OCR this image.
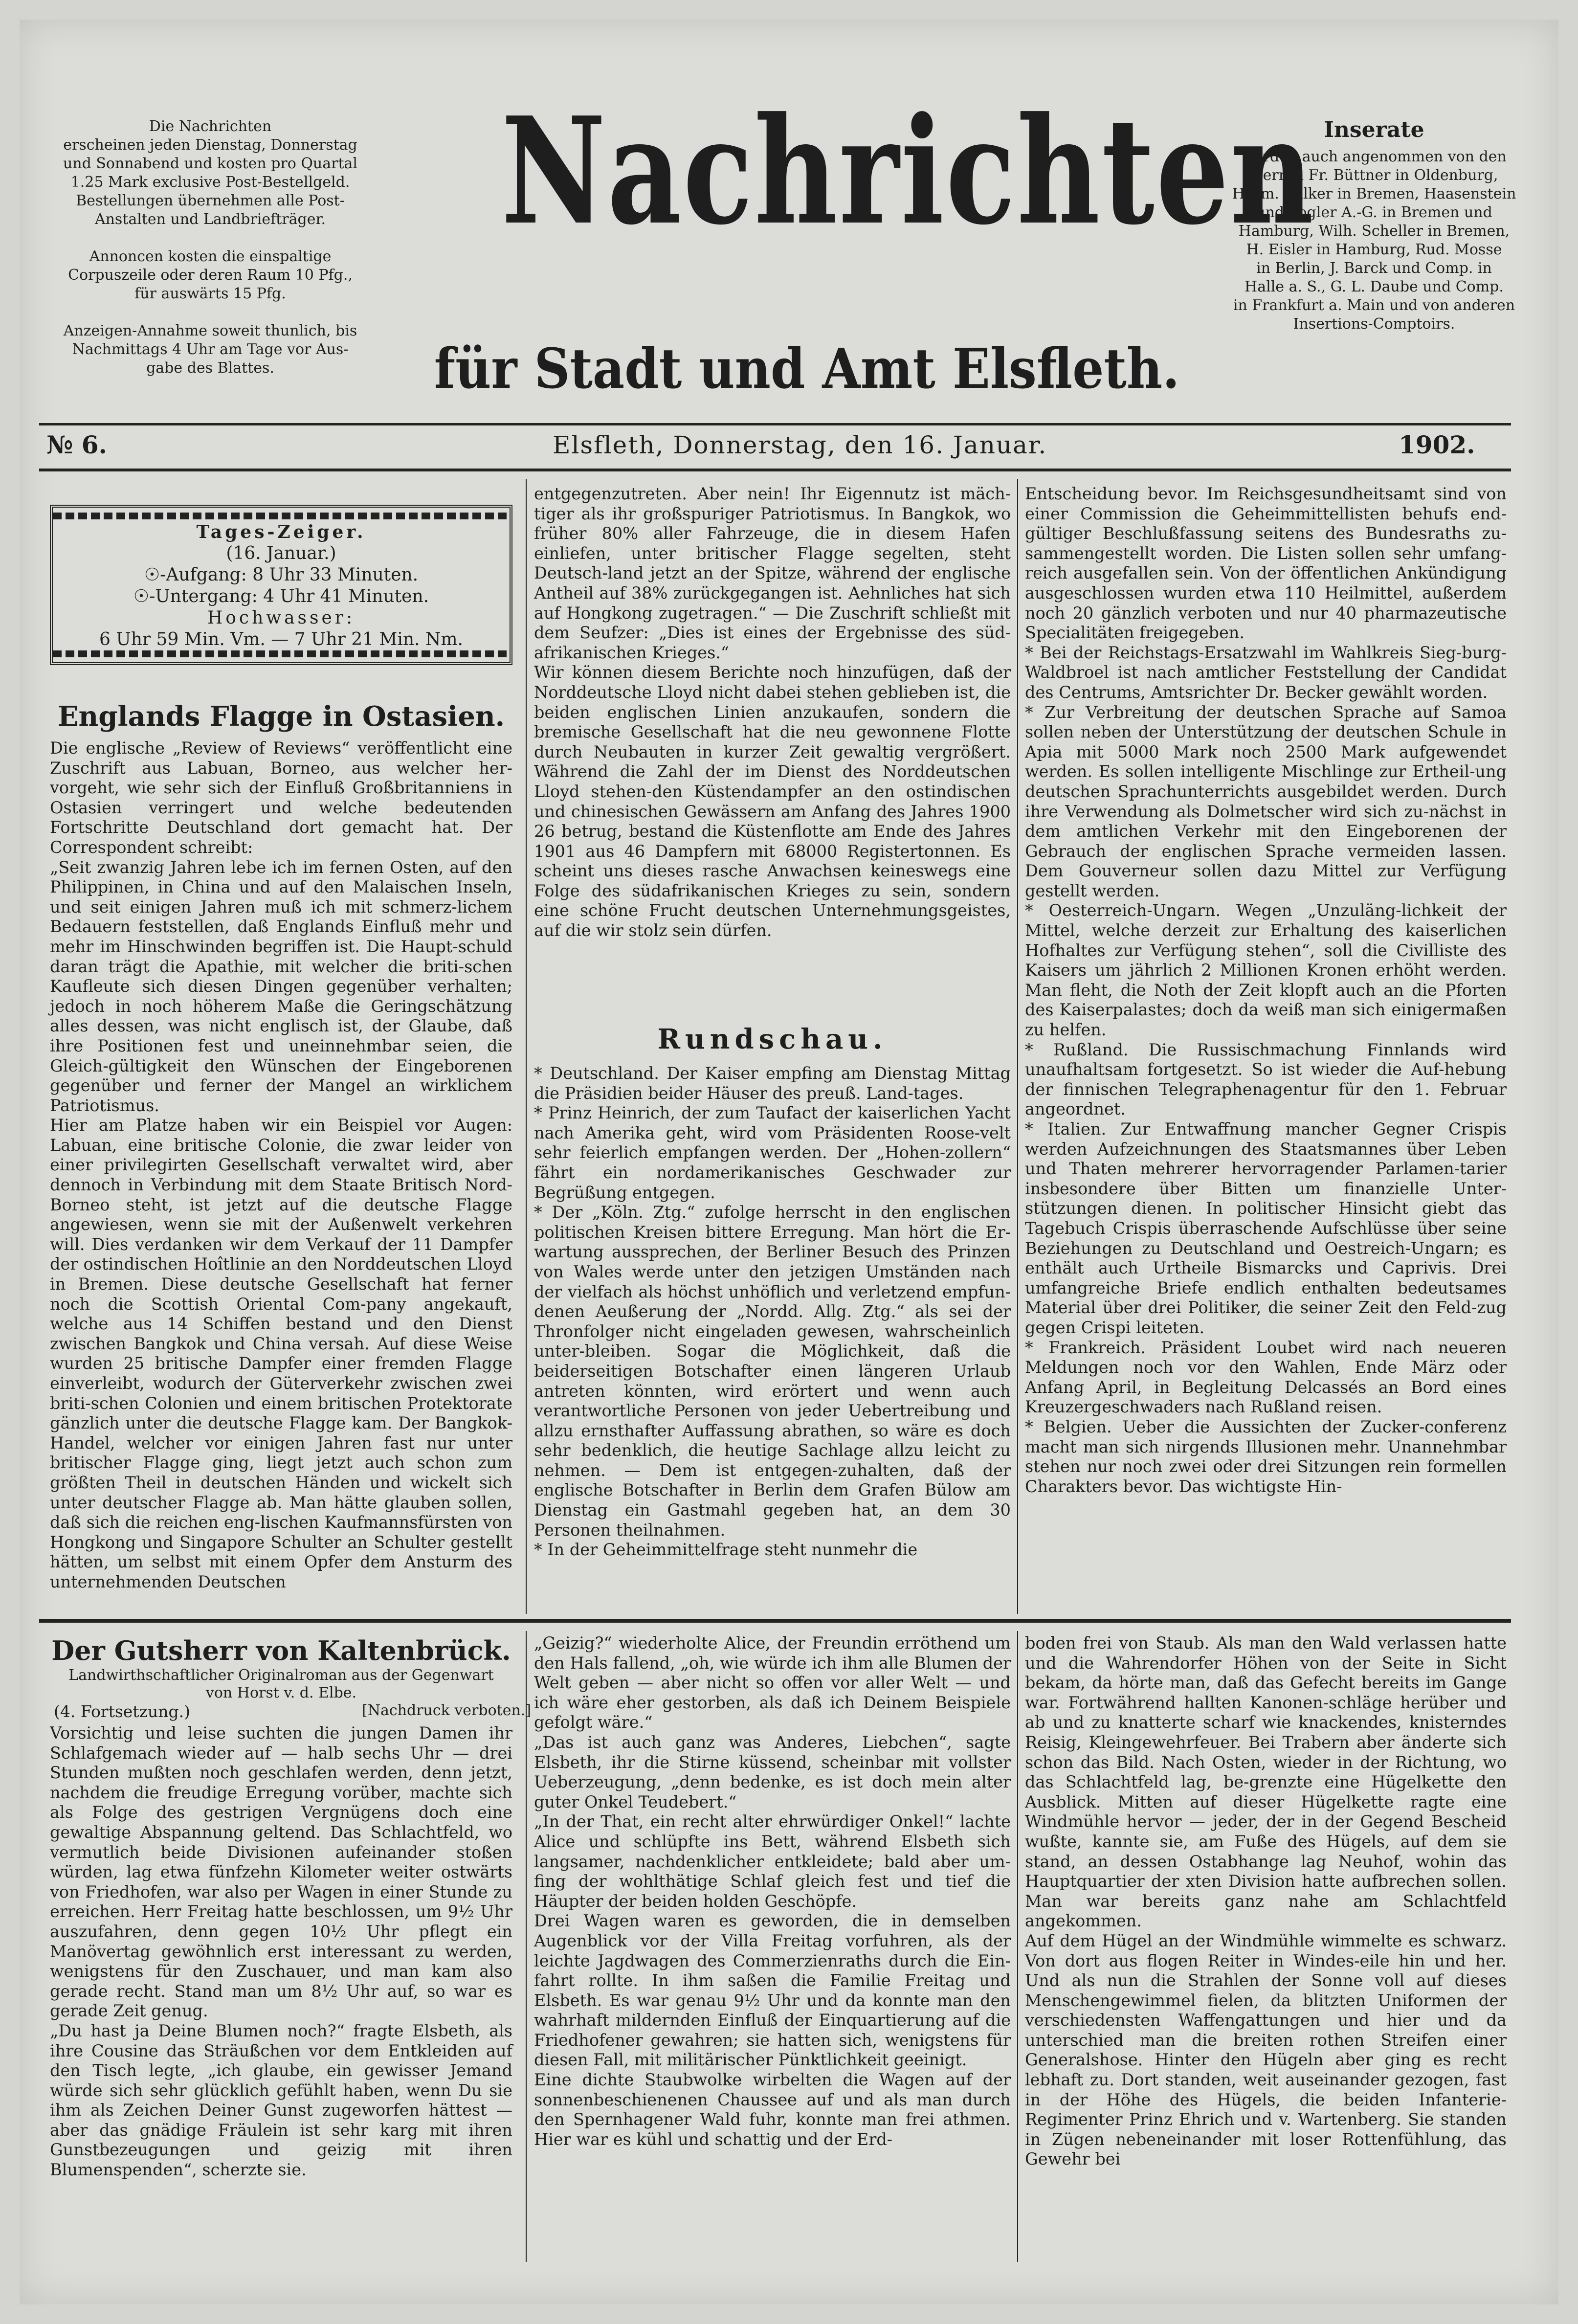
Die Nachrichten
erscheinen jeden Dienstag, Donnerstag
und Sonnabend und kosten pro Quartal
1.25 Mark exclusive Post-Bestellgeld.
Bestellungen übernehmen alle Post-
Anstalten und Landbriefträger.

Annoncen kosten die einspaltige
Corpuszeile oder deren Raum 10 Pfg.,
für auswärts 15 Pfg.

Anzeigen-Annahme soweit thunlich, bis
Nachmittags 4 Uhr am Tage vor Aus-
gabe des Blattes.
Nachrichten
für Stadt und Amt Elsfleth.
Inserate
werden auch angenommen von den
Herren Fr. Büttner in Oldenburg,
Herm. Wilker in Bremen, Haasenstein
und Vogler A.-G. in Bremen und
Hamburg, Wilh. Scheller in Bremen,
H. Eisler in Hamburg, Rud. Mosse
in Berlin, J. Barck und Comp. in
Halle a. S., G. L. Daube und Comp.
in Frankfurt a. Main und von anderen
Insertions-Comptoirs.
№ 6.	Elsfleth, Donnerstag, den 16. Januar.	1902.
Tages-Zeiger.
(16. Januar.)
☉-Aufgang: 8 Uhr 33 Minuten.
☉-Untergang: 4 Uhr 41 Minuten.
Hochwasser:
6 Uhr 59 Min. Vm. — 7 Uhr 21 Min. Nm.
Englands Flagge in Ostasien.
Die englische „Review of Reviews“ veröffentlicht eine Zuschrift aus Labuan, Borneo, aus welcher her-vorgeht, wie sehr sich der Einfluß Großbritanniens in Ostasien verringert und welche bedeutenden Fortschritte Deutschland dort gemacht hat. Der Correspondent schreibt:
„Seit zwanzig Jahren lebe ich im fernen Osten, auf den Philippinen, in China und auf den Malaischen Inseln, und seit einigen Jahren muß ich mit schmerz-lichem Bedauern feststellen, daß Englands Einfluß mehr und mehr im Hinschwinden begriffen ist. Die Haupt-schuld daran trägt die Apathie, mit welcher die briti-schen Kaufleute sich diesen Dingen gegenüber verhalten; jedoch in noch höherem Maße die Geringschätzung alles dessen, was nicht englisch ist, der Glaube, daß ihre Positionen fest und uneinnehmbar seien, die Gleich-gültigkeit den Wünschen der Eingeborenen gegenüber und ferner der Mangel an wirklichem Patriotismus.
Hier am Platze haben wir ein Beispiel vor Augen: Labuan, eine britische Colonie, die zwar leider von einer privilegirten Gesellschaft verwaltet wird, aber dennoch in Verbindung mit dem Staate Britisch Nord-Borneo steht, ist jetzt auf die deutsche Flagge angewiesen, wenn sie mit der Außenwelt verkehren will. Dies verdanken wir dem Verkauf der 11 Dampfer der ostindischen Hoîtlinie an den Norddeutschen Lloyd in Bremen. Diese deutsche Gesellschaft hat ferner noch die Scottish Oriental Com-pany angekauft, welche aus 14 Schiffen bestand und den Dienst zwischen Bangkok und China versah. Auf diese Weise wurden 25 britische Dampfer einer fremden Flagge einverleibt, wodurch der Güterverkehr zwischen zwei briti-schen Colonien und einem britischen Protektorate gänzlich unter die deutsche Flagge kam. Der Bangkok-Handel, welcher vor einigen Jahren fast nur unter britischer Flagge ging, liegt jetzt auch schon zum größten Theil in deutschen Händen und wickelt sich unter deutscher Flagge ab. Man hätte glauben sollen, daß sich die reichen eng-lischen Kaufmannsfürsten von Hongkong und Singapore Schulter an Schulter gestellt hätten, um selbst mit einem Opfer dem Ansturm des unternehmenden Deutschen
entgegenzutreten. Aber nein! Ihr Eigennutz ist mäch-tiger als ihr großspuriger Patriotismus. In Bangkok, wo früher 80% aller Fahrzeuge, die in diesem Hafen einliefen, unter britischer Flagge segelten, steht Deutsch-land jetzt an der Spitze, während der englische Antheil auf 38% zurückgegangen ist. Aehnliches hat sich auf Hongkong zugetragen.“ — Die Zuschrift schließt mit dem Seufzer: „Dies ist eines der Ergebnisse des süd-afrikanischen Krieges.“
Wir können diesem Berichte noch hinzufügen, daß der Norddeutsche Lloyd nicht dabei stehen geblieben ist, die beiden englischen Linien anzukaufen, sondern die bremische Gesellschaft hat die neu gewonnene Flotte durch Neubauten in kurzer Zeit gewaltig vergrößert. Während die Zahl der im Dienst des Norddeutschen Lloyd stehen-den Küstendampfer an den ostindischen und chinesischen Gewässern am Anfang des Jahres 1900 26 betrug, bestand die Küstenflotte am Ende des Jahres 1901 aus 46 Dampfern mit 68000 Registertonnen. Es scheint uns dieses rasche Anwachsen keineswegs eine Folge des südafrikanischen Krieges zu sein, sondern eine schöne Frucht deutschen Unternehmungsgeistes, auf die wir stolz sein dürfen.
Rundschau.
* Deutschland. Der Kaiser empfing am Dienstag Mittag die Präsidien beider Häuser des preuß. Land-tages.
* Prinz Heinrich, der zum Taufact der kaiserlichen Yacht nach Amerika geht, wird vom Präsidenten Roose-velt sehr feierlich empfangen werden. Der „Hohen-zollern“ fährt ein nordamerikanisches Geschwader zur Begrüßung entgegen.
* Der „Köln. Ztg.“ zufolge herrscht in den englischen politischen Kreisen bittere Erregung. Man hört die Er-wartung aussprechen, der Berliner Besuch des Prinzen von Wales werde unter den jetzigen Umständen nach der vielfach als höchst unhöflich und verletzend empfun-denen Aeußerung der „Nordd. Allg. Ztg.“ als sei der Thronfolger nicht eingeladen gewesen, wahrscheinlich unter-bleiben. Sogar die Möglichkeit, daß die beiderseitigen Botschafter einen längeren Urlaub antreten könnten, wird erörtert und wenn auch verantwortliche Personen von jeder Uebertreibung und allzu ernsthafter Auffassung abrathen, so wäre es doch sehr bedenklich, die heutige Sachlage allzu leicht zu nehmen. — Dem ist entgegen-zuhalten, daß der englische Botschafter in Berlin dem Grafen Bülow am Dienstag ein Gastmahl gegeben hat, an dem 30 Personen theilnahmen.
* In der Geheimmittelfrage steht nunmehr die
Entscheidung bevor. Im Reichsgesundheitsamt sind von einer Commission die Geheimmittellisten behufs end-gültiger Beschlußfassung seitens des Bundesraths zu-sammengestellt worden. Die Listen sollen sehr umfang-reich ausgefallen sein. Von der öffentlichen Ankündigung ausgeschlossen wurden etwa 110 Heilmittel, außerdem noch 20 gänzlich verboten und nur 40 pharmazeutische Specialitäten freigegeben.
* Bei der Reichstags-Ersatzwahl im Wahlkreis Sieg-burg-Waldbroel ist nach amtlicher Feststellung der Candidat des Centrums, Amtsrichter Dr. Becker gewählt worden.
* Zur Verbreitung der deutschen Sprache auf Samoa sollen neben der Unterstützung der deutschen Schule in Apia mit 5000 Mark noch 2500 Mark aufgewendet werden. Es sollen intelligente Mischlinge zur Ertheil-ung deutschen Sprachunterrichts ausgebildet werden. Durch ihre Verwendung als Dolmetscher wird sich zu-nächst in dem amtlichen Verkehr mit den Eingeborenen der Gebrauch der englischen Sprache vermeiden lassen. Dem Gouverneur sollen dazu Mittel zur Verfügung gestellt werden.
* Oesterreich-Ungarn. Wegen „Unzuläng-lichkeit der Mittel, welche derzeit zur Erhaltung des kaiserlichen Hofhaltes zur Verfügung stehen“, soll die Civilliste des Kaisers um jährlich 2 Millionen Kronen erhöht werden. Man fleht, die Noth der Zeit klopft auch an die Pforten des Kaiserpalastes; doch da weiß man sich einigermaßen zu helfen.
* Rußland. Die Russischmachung Finnlands wird unaufhaltsam fortgesetzt. So ist wieder die Auf-hebung der finnischen Telegraphenagentur für den 1. Februar angeordnet.
* Italien. Zur Entwaffnung mancher Gegner Crispis werden Aufzeichnungen des Staatsmannes über Leben und Thaten mehrerer hervorragender Parlamen-tarier insbesondere über Bitten um finanzielle Unter-stützungen dienen. In politischer Hinsicht giebt das Tagebuch Crispis überraschende Aufschlüsse über seine Beziehungen zu Deutschland und Oestreich-Ungarn; es enthält auch Urtheile Bismarcks und Caprivis. Drei umfangreiche Briefe endlich enthalten bedeutsames Material über drei Politiker, die seiner Zeit den Feld-zug gegen Crispi leiteten.
* Frankreich. Präsident Loubet wird nach neueren Meldungen noch vor den Wahlen, Ende März oder Anfang April, in Begleitung Delcassés an Bord eines Kreuzergeschwaders nach Rußland reisen.
* Belgien. Ueber die Aussichten der Zucker-conferenz macht man sich nirgends Illusionen mehr. Unannehmbar stehen nur noch zwei oder drei Sitzungen rein formellen Charakters bevor. Das wichtigste Hin-
Der Gutsherr von Kaltenbrück.
Landwirthschaftlicher Originalroman aus der Gegenwart
von Horst v. d. Elbe.
(4. Fortsetzung.)	[Nachdruck verboten.]
Vorsichtig und leise suchten die jungen Damen ihr Schlafgemach wieder auf — halb sechs Uhr — drei Stunden mußten noch geschlafen werden, denn jetzt, nachdem die freudige Erregung vorüber, machte sich als Folge des gestrigen Vergnügens doch eine gewaltige Abspannung geltend. Das Schlachtfeld, wo vermutlich beide Divisionen aufeinander stoßen würden, lag etwa fünfzehn Kilometer weiter ostwärts von Friedhofen, war also per Wagen in einer Stunde zu erreichen. Herr Freitag hatte beschlossen, um 9½ Uhr auszufahren, denn gegen 10½ Uhr pflegt ein Manövertag gewöhnlich erst interessant zu werden, wenigstens für den Zuschauer, und man kam also gerade recht. Stand man um 8½ Uhr auf, so war es gerade Zeit genug.
„Du hast ja Deine Blumen noch?“ fragte Elsbeth, als ihre Cousine das Sträußchen vor dem Entkleiden auf den Tisch legte, „ich glaube, ein gewisser Jemand würde sich sehr glücklich gefühlt haben, wenn Du sie ihm als Zeichen Deiner Gunst zugeworfen hättest — aber das gnädige Fräulein ist sehr karg mit ihren Gunstbezeugungen und geizig mit ihren Blumenspenden“, scherzte sie.
„Geizig?“ wiederholte Alice, der Freundin erröthend um den Hals fallend, „oh, wie würde ich ihm alle Blumen der Welt geben — aber nicht so offen vor aller Welt — und ich wäre eher gestorben, als daß ich Deinem Beispiele gefolgt wäre.“
„Das ist auch ganz was Anderes, Liebchen“, sagte Elsbeth, ihr die Stirne küssend, scheinbar mit vollster Ueberzeugung, „denn bedenke, es ist doch mein alter guter Onkel Teudebert.“
„In der That, ein recht alter ehrwürdiger Onkel!“ lachte Alice und schlüpfte ins Bett, während Elsbeth sich langsamer, nachdenklicher entkleidete; bald aber um-fing der wohlthätige Schlaf gleich fest und tief die Häupter der beiden holden Geschöpfe.
Drei Wagen waren es geworden, die in demselben Augenblick vor der Villa Freitag vorfuhren, als der leichte Jagdwagen des Commerzienraths durch die Ein-fahrt rollte. In ihm saßen die Familie Freitag und Elsbeth. Es war genau 9½ Uhr und da konnte man den wahrhaft mildernden Einfluß der Einquartierung auf die Friedhofener gewahren; sie hatten sich, wenigstens für diesen Fall, mit militärischer Pünktlichkeit geeinigt.
Eine dichte Staubwolke wirbelten die Wagen auf der sonnenbeschienenen Chaussee auf und als man durch den Spernhagener Wald fuhr, konnte man frei athmen. Hier war es kühl und schattig und der Erd-
boden frei von Staub. Als man den Wald verlassen hatte und die Wahrendorfer Höhen von der Seite in Sicht bekam, da hörte man, daß das Gefecht bereits im Gange war. Fortwährend hallten Kanonen-schläge herüber und ab und zu knatterte scharf wie knackendes, knisterndes Reisig, Kleingewehrfeuer. Bei Trabern aber änderte sich schon das Bild. Nach Osten, wieder in der Richtung, wo das Schlachtfeld lag, be-grenzte eine Hügelkette den Ausblick. Mitten auf dieser Hügelkette ragte eine Windmühle hervor — jeder, der in der Gegend Bescheid wußte, kannte sie, am Fuße des Hügels, auf dem sie stand, an dessen Ostabhange lag Neuhof, wohin das Hauptquartier der xten Division hatte aufbrechen sollen. Man war bereits ganz nahe am Schlachtfeld angekommen.
Auf dem Hügel an der Windmühle wimmelte es schwarz. Von dort aus flogen Reiter in Windes-eile hin und her. Und als nun die Strahlen der Sonne voll auf dieses Menschengewimmel fielen, da blitzten Uniformen der verschiedensten Waffengattungen und hier und da unterschied man die breiten rothen Streifen einer Generalshose. Hinter den Hügeln aber ging es recht lebhaft zu. Dort standen, weit auseinander gezogen, fast in der Höhe des Hügels, die beiden Infanterie-Regimenter Prinz Ehrich und v. Wartenberg. Sie standen in Zügen nebeneinander mit loser Rottenfühlung, das Gewehr bei
